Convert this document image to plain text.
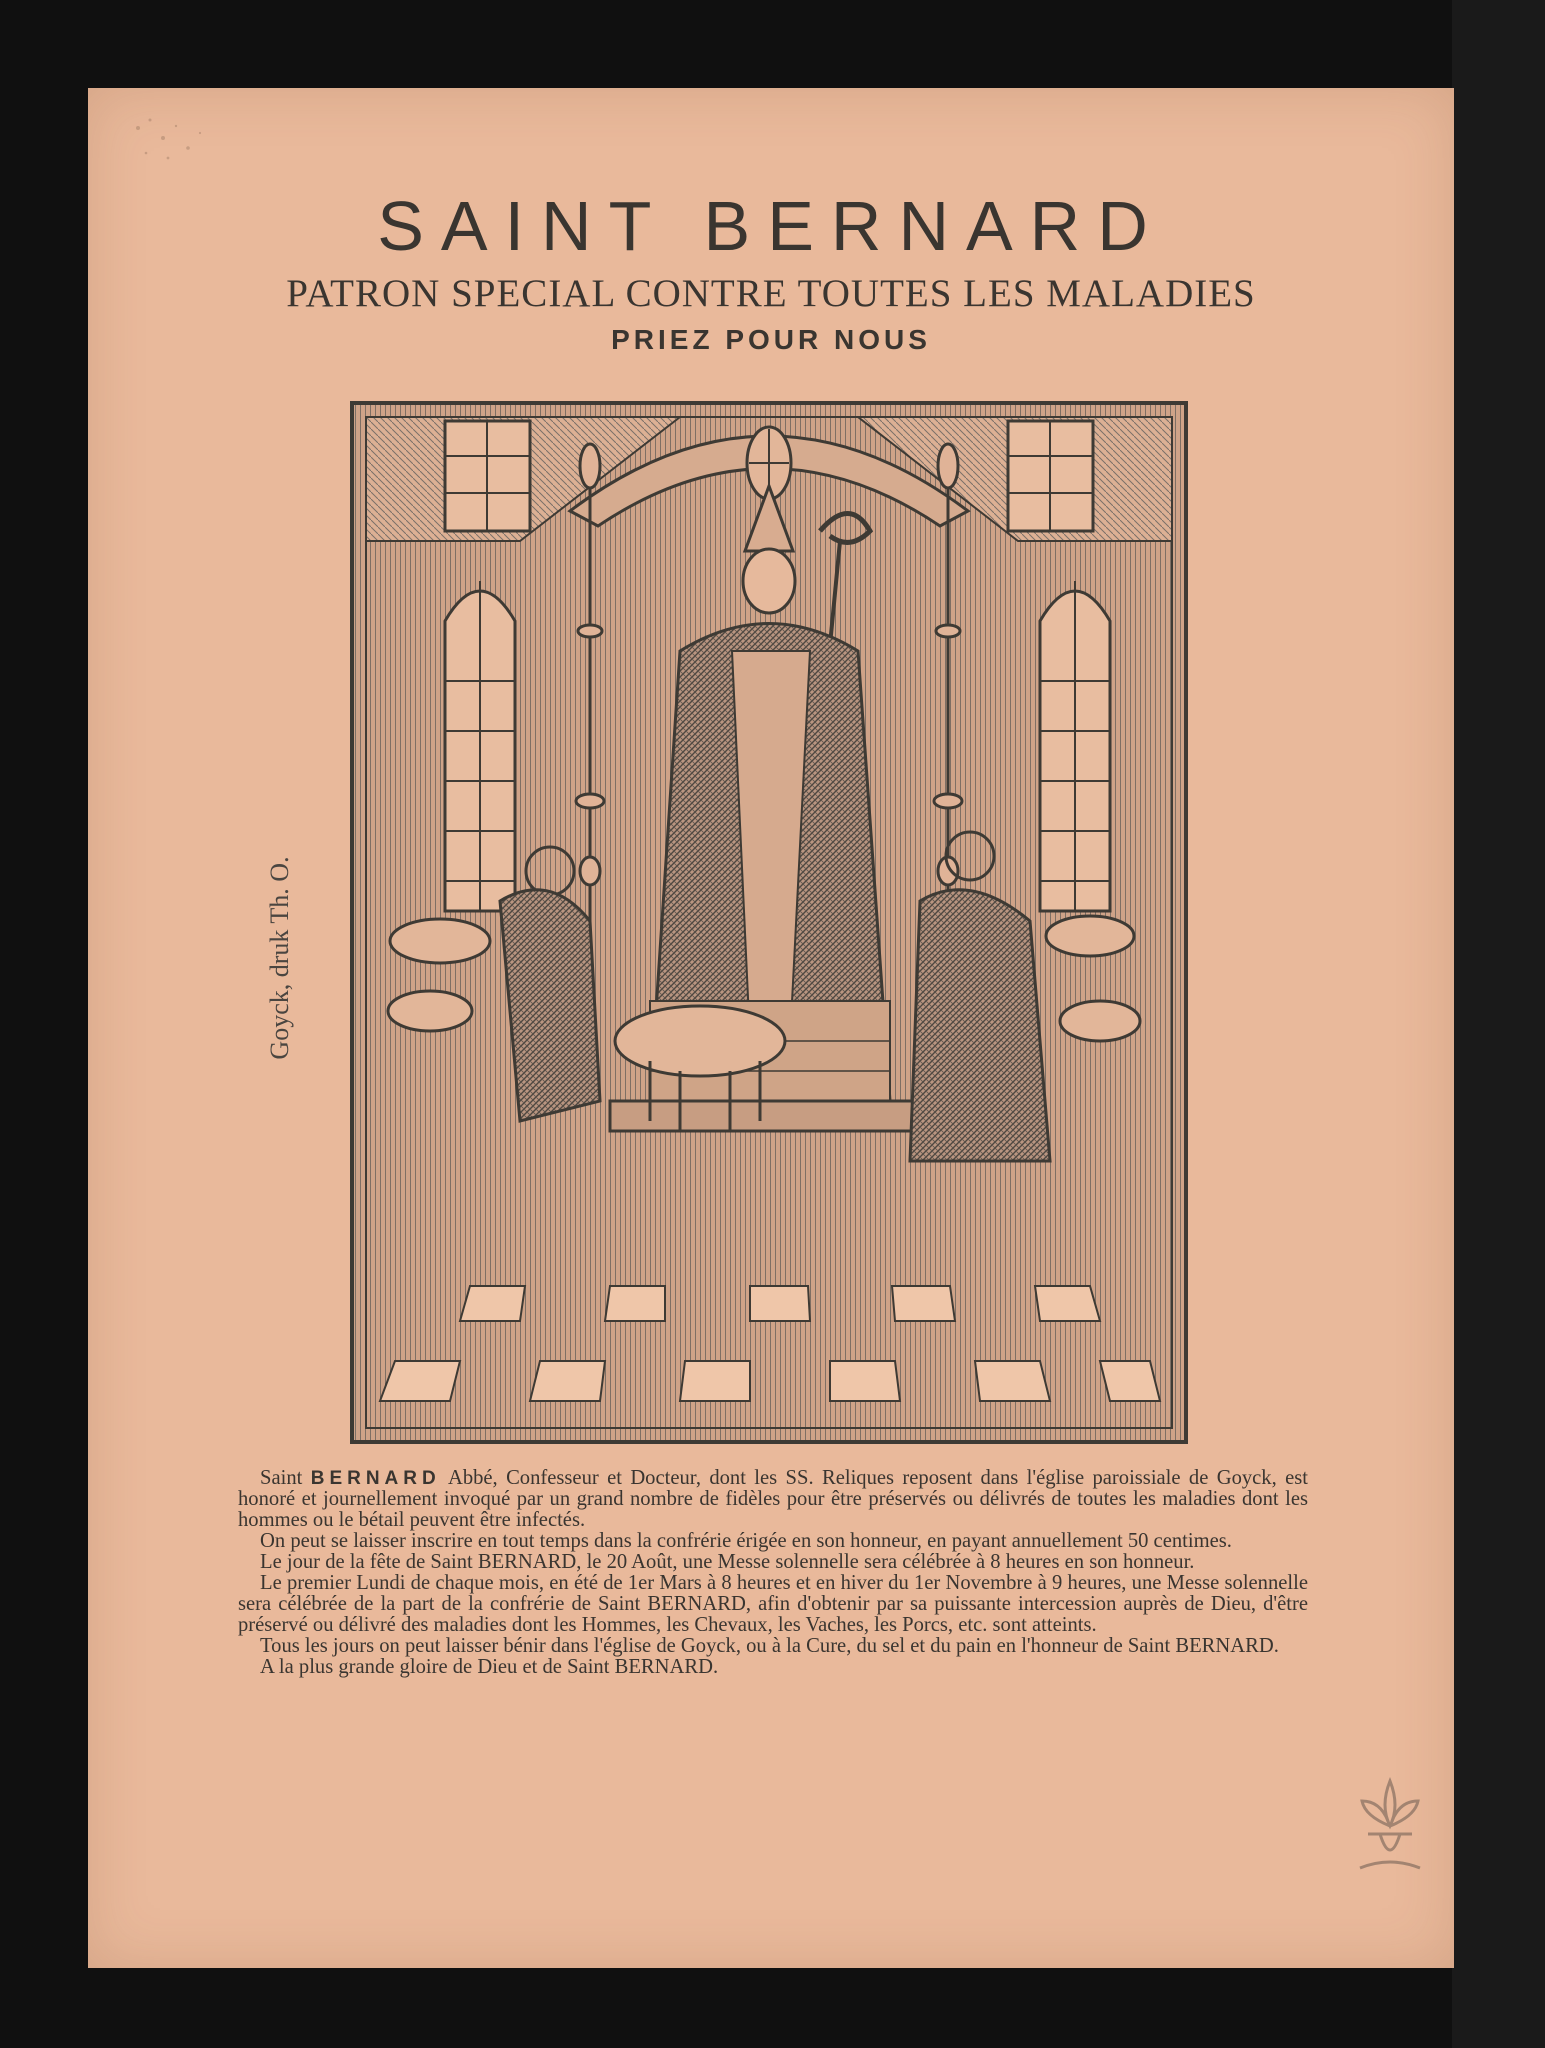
SAINT BERNARD
PATRON SPECIAL CONTRE TOUTES LES MALADIES
PRIEZ POUR NOUS
Goyck, druk Th. O.

Saint BERNARD Abbé, Confesseur et Docteur, dont les SS. Reliques reposent dans l'église paroissiale de Goyck, est honoré et journellement invoqué par un grand nombre de fidèles pour être préservés ou délivrés de toutes les maladies dont les hommes ou le bétail peuvent être infectés.

On peut se laisser inscrire en tout temps dans la confrérie érigée en son honneur, en payant annuellement 50 centimes.

Le jour de la fête de Saint BERNARD, le 20 Août, une Messe solennelle sera célébrée à 8 heures en son honneur.

Le premier Lundi de chaque mois, en été de 1er Mars à 8 heures et en hiver du 1er Novembre à 9 heures, une Messe solennelle sera célébrée de la part de la confrérie de Saint BERNARD, afin d'obtenir par sa puissante intercession auprès de Dieu, d'être préservé ou délivré des maladies dont les Hommes, les Chevaux, les Vaches, les Porcs, etc. sont atteints.

Tous les jours on peut laisser bénir dans l'église de Goyck, ou à la Cure, du sel et du pain en l'honneur de Saint BERNARD.

A la plus grande gloire de Dieu et de Saint BERNARD.
